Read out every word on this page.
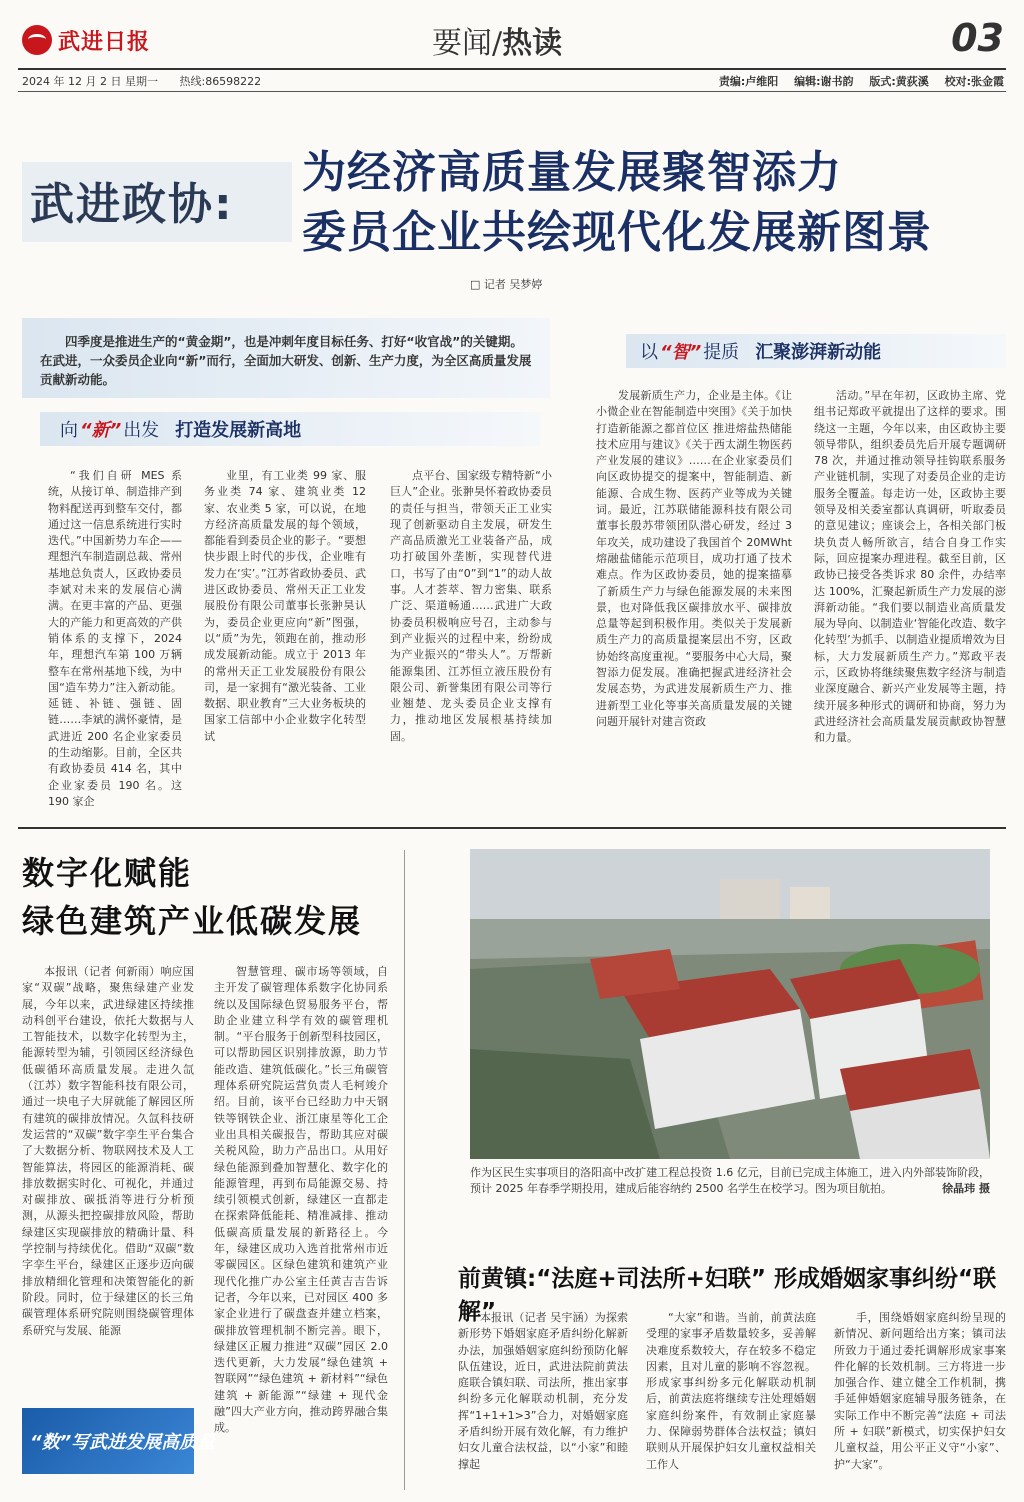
武进日报	要闻/热读	03
2024 年 12 月 2 日 星期一 热线:86598222	责编:卢维阳 编辑:谢书韵 版式:黄荻溪 校对:张金霞
武进政协:
为经济高质量发展聚智添力
委员企业共绘现代化发展新图景
□ 记者 吴梦婷

四季度是推进生产的“黄金期”，也是冲刺年度目标任务、打好“收官战”的关键期。在武进，一众委员企业向“新”而行，全面加大研发、创新、生产力度，为全区高质量发展贡献新动能。

向 “新” 出发 打造发展新高地
以 “智” 提质 汇聚澎湃新动能

“我们自研 MES 系统，从接订单、制造排产到物料配送再到整车交付，都通过这一信息系统进行实时迭代。”中国新势力车企——理想汽车制造副总裁、常州基地总负责人，区政协委员李斌对未来的发展信心满满。在更丰富的产品、更强大的产能力和更高效的产供销体系的支撑下，2024 年，理想汽车第 100 万辆整车在常州基地下线，为中国“造车势力”注入新动能。延链、补链、强链、固链……李斌的满怀豪情，是武进近 200 名企业家委员的生动缩影。目前，全区共有政协委员 414 名，其中企业家委员 190 名。这 190 家企

业里，有工业类 99 家、服务业类 74 家、建筑业类 12 家、农业类 5 家，可以说，在地方经济高质量发展的每个领域，都能看到委员企业的影子。“要想快步跟上时代的步伐，企业唯有发力在‘实’。”江苏省政协委员、武进区政协委员、常州天正工业发展股份有限公司董事长张翀昊认为，委员企业更应向“新”图强，以“质”为先，领跑在前，推动形成发展新动能。成立于 2013 年的常州天正工业发展股份有限公司，是一家拥有“激光装备、工业数据、职业教育”三大业务板块的国家工信部中小企业数字化转型试

点平台、国家级专精特新“小巨人”企业。张翀昊怀着政协委员的责任与担当，带领天正工业实现了创新驱动自主发展，研发生产高品质激光工业装备产品，成功打破国外垄断，实现替代进口，书写了由“0”到“1”的动人故事。人才荟萃、智力密集、联系广泛、渠道畅通……武进广大政协委员积极响应号召，主动参与到产业振兴的过程中来，纷纷成为产业振兴的“带头人”。万帮新能源集团、江苏恒立液压股份有限公司、新誉集团有限公司等行业翘楚、龙头委员企业支撑有力，推动地区发展根基持续加固。

发展新质生产力，企业是主体。《让小微企业在智能制造中突围》《关于加快打造新能源之都首位区 推进熔盐热储能技术应用与建议》《关于西太湖生物医药产业发展的建议》……在企业家委员们向区政协提交的提案中，智能制造、新能源、合成生物、医药产业等成为关键词。最近，江苏联储能源科技有限公司董事长殷苏带领团队潜心研发，经过 3 年攻关，成功建设了我国首个 20MWht 熔融盐储能示范项目，成功打通了技术难点。作为区政协委员，她的提案描摹了新质生产力与绿色能源发展的未来图景，也对降低我区碳排放水平、碳排放总量等起到积极作用。类似关于发展新质生产力的高质量提案层出不穷，区政协始终高度重视。“要服务中心大局，聚智添力促发展。准确把握武进经济社会发展态势，为武进发展新质生产力、推进新型工业化等事关高质量发展的关键问题开展针对建言资政

活动。”早在年初，区政协主席、党组书记郑政平就提出了这样的要求。围绕这一主题，今年以来，由区政协主要领导带队，组织委员先后开展专题调研 78 次，并通过推动领导挂钩联系服务产业链机制，实现了对委员企业的走访服务全覆盖。每走访一处，区政协主要领导及相关委室都认真调研，听取委员的意见建议；座谈会上，各相关部门板块负责人畅所欲言，结合自身工作实际，回应提案办理进程。截至目前，区政协已接受各类诉求 80 余件，办结率达 100%，汇聚起新质生产力发展的澎湃新动能。“我们要以制造业高质量发展为导向、以制造业‘智能化改造、数字化转型’为抓手、以制造业提质增效为目标，大力发展新质生产力。”郑政平表示，区政协将继续聚焦数字经济与制造业深度融合、新兴产业发展等主题，持续开展多种形式的调研和协商，努力为武进经济社会高质量发展贡献政协智慧和力量。

数字化赋能
绿色建筑产业低碳发展

本报讯（记者 何新雨）响应国家“双碳”战略，聚焦绿建产业发展，今年以来，武进绿建区持续推动科创平台建设，依托大数据与人工智能技术，以数字化转型为主，能源转型为辅，引领园区经济绿色低碳循环高质量发展。走进久氙（江苏）数字智能科技有限公司，通过一块电子大屏就能了解园区所有建筑的碳排放情况。久氙科技研发运营的“双碳”数字孪生平台集合了大数据分析、物联网技术及人工智能算法，将园区的能源消耗、碳排放数据实时化、可视化，并通过对碳排放、碳抵消等进行分析预测，从源头把控碳排放风险，帮助绿建区实现碳排放的精确计量、科学控制与持续优化。借助“双碳”数字孪生平台，绿建区正逐步迈向碳排放精细化管理和决策智能化的新阶段。同时，位于绿建区的长三角碳管理体系研究院则围绕碳管理体系研究与发展、能源

智慧管理、碳市场等领域，自主开发了碳管理体系数字化协同系统以及国际绿色贸易服务平台，帮助企业建立科学有效的碳管理机制。“平台服务于创新型科技园区，可以帮助园区识别排放源，助力节能改造、建筑低碳化。”长三角碳管理体系研究院运营负责人毛柯竣介绍。目前，该平台已经助力中天钢铁等钢铁企业、浙江康星等化工企业出具相关碳报告，帮助其应对碳关税风险，助力产品出口。从用好绿色能源到叠加智慧化、数字化的能源管理，再到布局能源交易、持续引领模式创新，绿建区一直都走在探索降低能耗、精准减排、推动低碳高质量发展的新路径上。今年，绿建区成功入选首批常州市近零碳园区。区绿色建筑和建筑产业现代化推广办公室主任黄吉吉告诉记者，今年以来，已对园区 400 多家企业进行了碳盘查并建立档案，碳排放管理机制不断完善。眼下，绿建区正履力推进“双碳”园区 2.0 迭代更新，大力发展“绿色建筑 + 智联网”“绿色建筑 + 新材料”“绿色建筑 + 新能源”“绿建 + 现代金融”四大产业方向，推动跨界融合集成。

“数”写武进发展高质量
作为区民生实事项目的洛阳高中改扩建工程总投资 1.6 亿元，目前已完成主体施工，进入内外部装饰阶段，预计 2025 年春季学期投用，建成后能容纳约 2500 名学生在校学习。图为项目航拍。	徐晶玮 摄
前黄镇:“法庭+司法所+妇联” 形成婚姻家事纠纷“联解”

本报讯（记者 吴宇涵）为探索新形势下婚姻家庭矛盾纠纷化解新办法，加强婚姻家庭纠纷预防化解队伍建设，近日，武进法院前黄法庭联合镇妇联、司法所，推出家事纠纷多元化解联动机制，充分发挥“1+1+1>3”合力，对婚姻家庭矛盾纠纷开展有效化解，有力维护妇女儿童合法权益，以“小家”和睦撑起

“大家”和谐。当前，前黄法庭受理的家事矛盾数量较多，妥善解决难度系数较大，存在较多不稳定因素，且对儿童的影响不容忽视。形成家事纠纷多元化解联动机制后，前黄法庭将继续专注处理婚姻家庭纠纷案件，有效制止家庭暴力、保障弱势群体合法权益；镇妇联则从开展保护妇女儿童权益相关工作人

手，围绕婚姻家庭纠纷呈现的新情况、新问题给出方案；镇司法所致力于通过委托调解形成家事案件化解的长效机制。三方将进一步加强合作、建立健全工作机制，携手延伸婚姻家庭辅导服务链条，在实际工作中不断完善“法庭 + 司法所 + 妇联”新模式，切实保护妇女儿童权益，用公平正义守“小家”、护“大家”。
